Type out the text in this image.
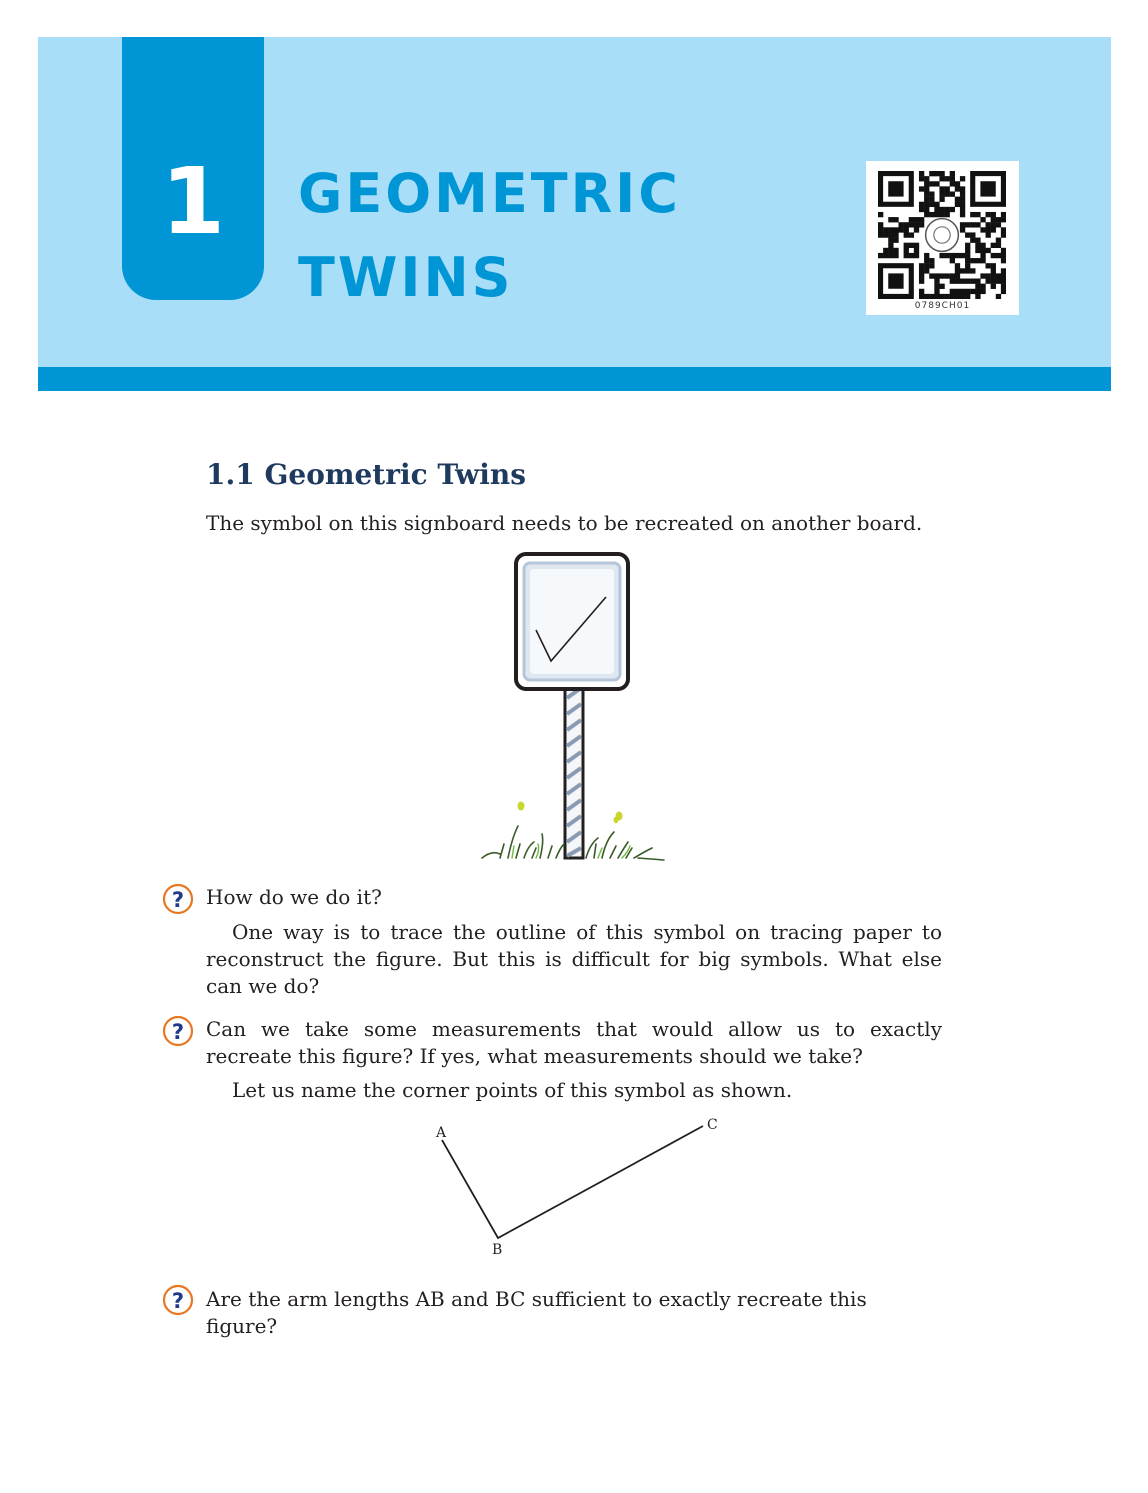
1 GEOMETRIC
TWINS	0789CH01
1.1 Geometric Twins

The symbol on this signboard needs to be recreated on another board.

? How do we do it?

One way is to trace the outline of this symbol on tracing paper to reconstruct the figure. But this is difficult for big symbols. What else can we do?

? Can we take some measurements that would allow us to exactly recreate this figure? If yes, what measurements should we take?

Let us name the corner points of this symbol as shown.

A
B
C
? Are the arm lengths AB and BC sufficient to exactly recreate this figure?
